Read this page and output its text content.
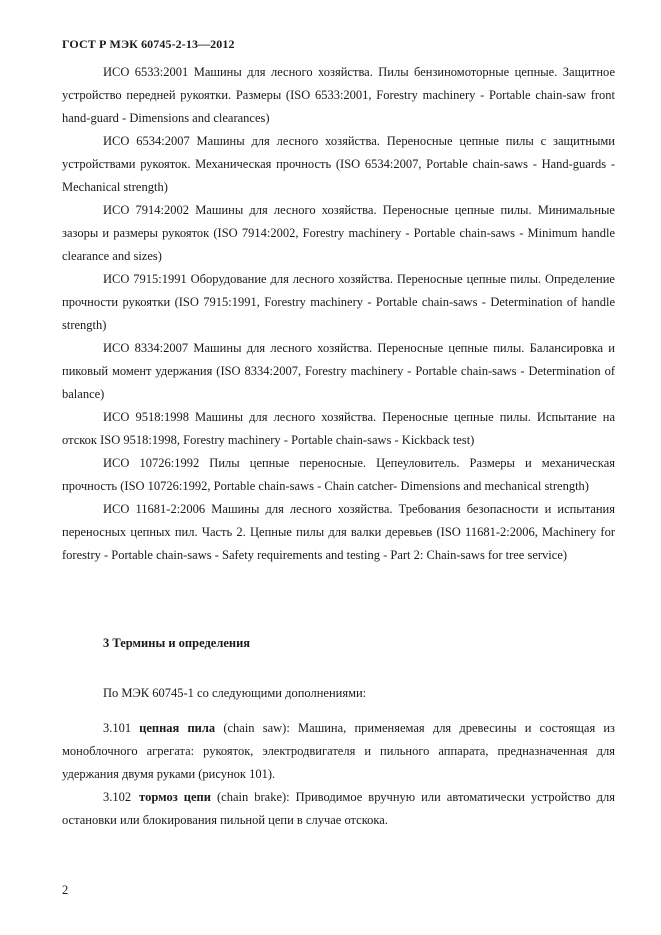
ГОСТ Р МЭК 60745-2-13—2012

ИСО 6533:2001 Машины для лесного хозяйства. Пилы бензиномоторные цепные. Защитное устройство передней рукоятки. Размеры (ISO 6533:2001, Forestry machinery - Portable chain-saw front hand-guard - Dimensions and clearances)

ИСО 6534:2007 Машины для лесного хозяйства. Переносные цепные пилы с защитными устройствами рукояток. Механическая прочность (ISO 6534:2007, Portable chain-saws - Hand-guards - Mechanical strength)

ИСО 7914:2002 Машины для лесного хозяйства. Переносные цепные пилы. Минимальные зазоры и размеры рукояток (ISO 7914:2002, Forestry machinery - Portable chain-saws - Minimum handle clearance and sizes)

ИСО 7915:1991 Оборудование для лесного хозяйства. Переносные цепные пилы. Определение прочности рукоятки (ISO 7915:1991, Forestry machinery - Portable chain-saws - Determination of handle strength)

ИСО 8334:2007 Машины для лесного хозяйства. Переносные цепные пилы. Балансировка и пиковый момент удержания (ISO 8334:2007, Forestry machinery - Portable chain-saws - Determination of balance)

ИСО 9518:1998 Машины для лесного хозяйства. Переносные цепные пилы. Испытание на отскок ISO 9518:1998, Forestry machinery - Portable chain-saws - Kickback test)

ИСО 10726:1992 Пилы цепные переносные. Цепеуловитель. Размеры и механическая прочность (ISO 10726:1992, Portable chain-saws - Chain catcher- Dimensions and mechanical strength)

ИСО 11681-2:2006 Машины для лесного хозяйства. Требования безопасности и испытания переносных цепных пил. Часть 2. Цепные пилы для валки деревьев (ISO 11681-2:2006, Machinery for forestry - Portable chain-saws - Safety requirements and testing - Part 2: Chain-saws for tree service)

3 Термины и определения
По МЭК 60745-1 со следующими дополнениями:

3.101 цепная пила (chain saw): Машина, применяемая для древесины и состоящая из моноблочного агрегата: рукояток, электродвигателя и пильного аппарата, предназначенная для удержания двумя руками (рисунок 101).

3.102 тормоз цепи (chain brake): Приводимое вручную или автоматически устройство для остановки или блокирования пильной цепи в случае отскока.

2
